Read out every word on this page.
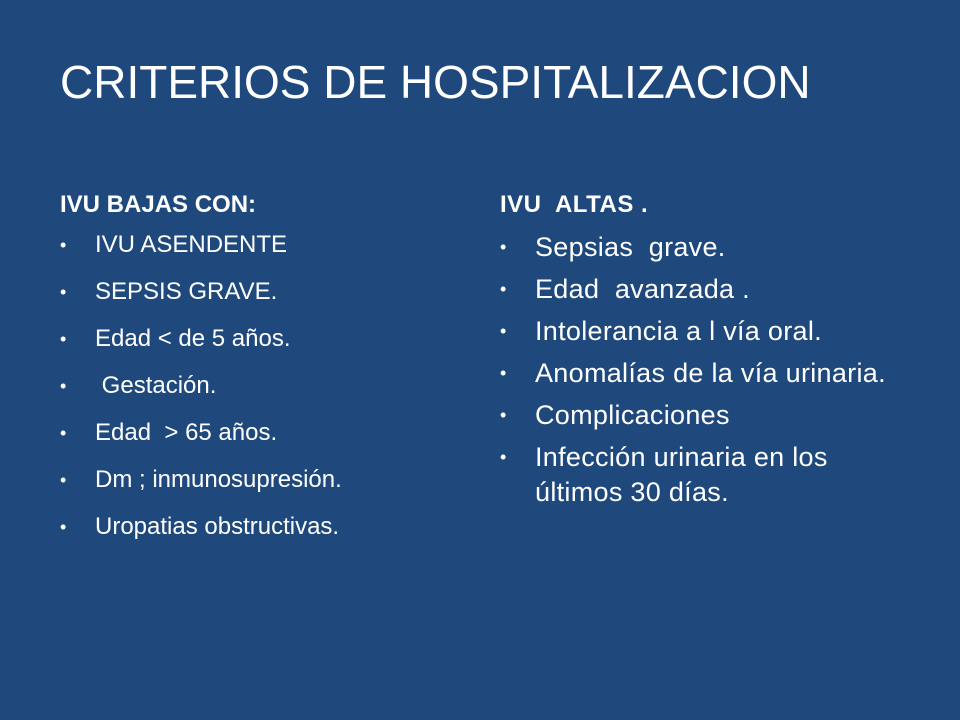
CRITERIOS DE HOSPITALIZACION
IVU BAJAS CON:
•	IVU ASENDENTE
•	SEPSIS GRAVE.
•	Edad < de 5 años.
•	Gestación.
•	Edad  > 65 años.
•	Dm ; inmunosupresión.
•	Uropatias obstructivas.
IVU  ALTAS .
•	Sepsias  grave.
•	Edad  avanzada .
•	Intolerancia a l vía oral.
•	Anomalías de la vía urinaria.
•	Complicaciones
•	Infección urinaria en los últimos 30 días.
